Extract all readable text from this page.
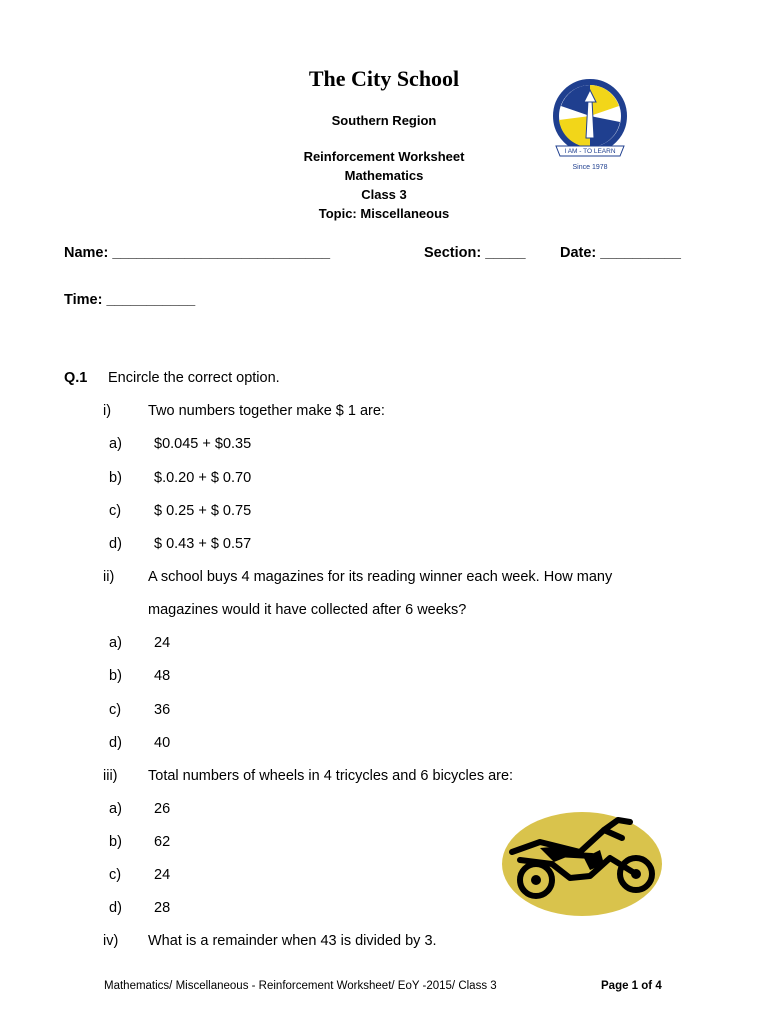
The City School
Southern Region
Reinforcement Worksheet
Mathematics
Class 3
Topic: Miscellaneous
I AM - TO LEARN
Since 1978
Name: ___________________________	Section: _____ Date: __________
Time: ___________
Q.1 Encircle the correct option.
i)	Two numbers together make $ 1 are:
a) $0.045 + $0.35
b) $.0.20 + $ 0.70
c) $ 0.25 + $ 0.75
d) $ 0.43 + $ 0.57
ii) A school buys 4 magazines for its reading winner each week. How many
magazines would it have collected after 6 weeks?
a) 24
b) 48
c) 36
d) 40
iii) Total numbers of wheels in 4 tricycles and 6 bicycles are:
a) 26
b) 62
c) 24
d) 28
iv) What is a remainder when 43 is divided by 3.
Mathematics/ Miscellaneous - Reinforcement Worksheet/ EoY -2015/ Class 3	Page 1 of 4
